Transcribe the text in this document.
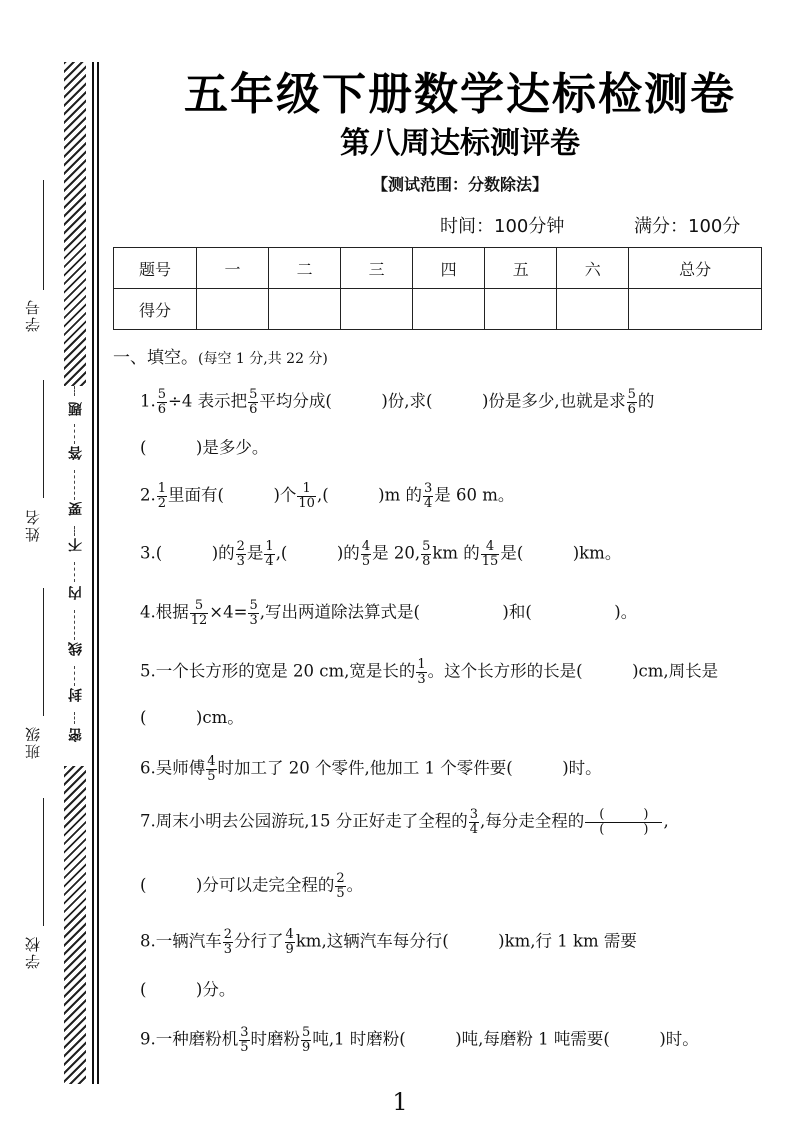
学号
姓名
班级
学校
题
答
要
不
内
线
封
密
五年级下册数学达标检测卷
第八周达标测评卷
【测试范围：分数除法】
时间：100分钟	满分：100分
题号	一	二	三	四	五	六	总分
得分							
一、填空。(每空 1 分,共 22 分)
1. $\frac{5}{6} \div 4$ 表示把 $\frac{5}{6}$ 平均分成(　　　	)份,求(　　　	)份是多少,也就是求 $\frac{5}{6}$ 的
(　　　)是多少。
2. $\frac{1}{2}$ 里面有(　　　	)个 $\frac{1}{10}$ ,(　　　	)m 的 $\frac{3}{4}$ 是 60 m。
3.(　　　	)的 $\frac{2}{3}$ 是 $\frac{1}{4}$ ,(　　　	)的 $\frac{4}{5}$ 是 20, $\frac{5}{8}$ km 的 $\frac{4}{15}$ 是(　　　	)km。
4.根据 $\frac{5}{12} \times 4= \frac{5}{3}$ ,写出两道除法算式是(　　　　　	)和(　　　　　	)。
5.一个长方形的宽是 20 cm,宽是长的 $\frac{1}{3}$ 。这个长方形的长是(　　　	)cm,周长是
(　　　)cm。
6.吴师傅 $\frac{4}{5}$ 时加工了 20 个零件,他加工 1 个零件要(　　　	)时。
7.周末小明去公园游玩,15 分正好走了全程的 $\frac{3}{4}$ ,每分走全程的 $\frac{( )}{( )}$ ,
(　　　)分可以走完全程的 $\frac{2}{5}$ 。
8.一辆汽车 $\frac{2}{3}$ 分行了 $\frac{4}{9}$ km,这辆汽车每分行(　　　	)km,行 1 km 需要
(　　　)分。
9.一种磨粉机 $\frac{3}{5}$ 时磨粉 $\frac{5}{9}$ 吨,1 时磨粉(　　　	)吨,每磨粉 1 吨需要(　　　	)时。
1
